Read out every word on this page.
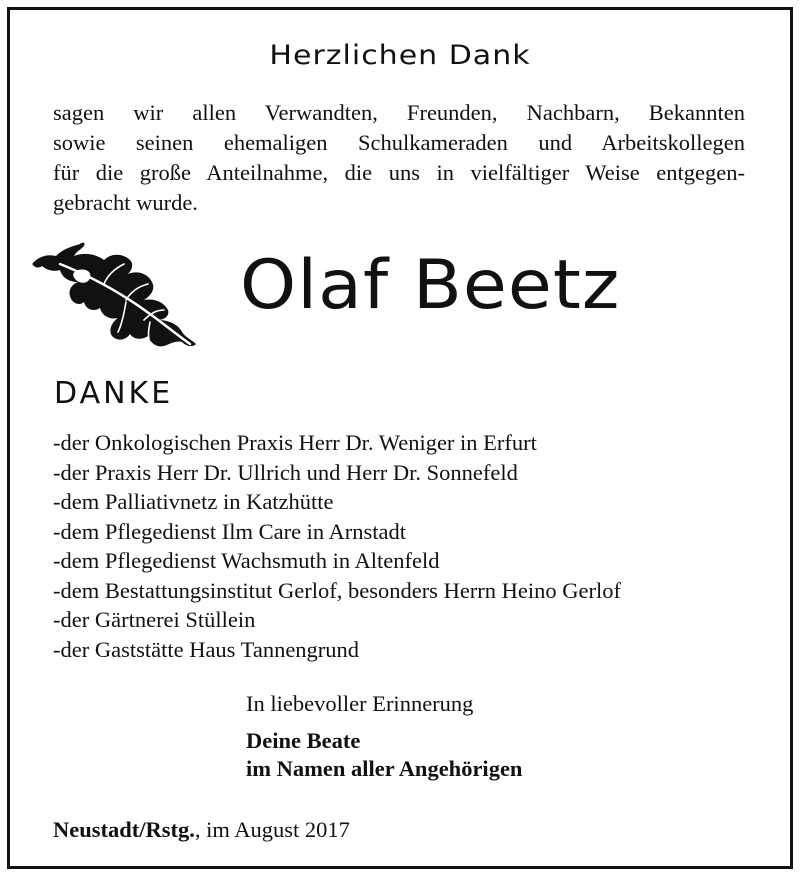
Herzlichen Dank
sagen wir allen Verwandten, Freunden, Nachbarn, Bekannten
sowie seinen ehemaligen Schulkameraden und Arbeitskollegen
für die große Anteilnahme, die uns in vielfältiger Weise entgegen-
gebracht wurde.
Olaf Beetz
DANKE
-der Onkologischen Praxis Herr Dr. Weniger in Erfurt
-der Praxis Herr Dr. Ullrich und Herr Dr. Sonnefeld
-dem Palliativnetz in Katzhütte
-dem Pflegedienst Ilm Care in Arnstadt
-dem Pflegedienst Wachsmuth in Altenfeld
-dem Bestattungsinstitut Gerlof, besonders Herrn Heino Gerlof
-der Gärtnerei Stüllein
-der Gaststätte Haus Tannengrund
In liebevoller Erinnerung
Deine Beate
im Namen aller Angehörigen
Neustadt/Rstg., im August 2017
